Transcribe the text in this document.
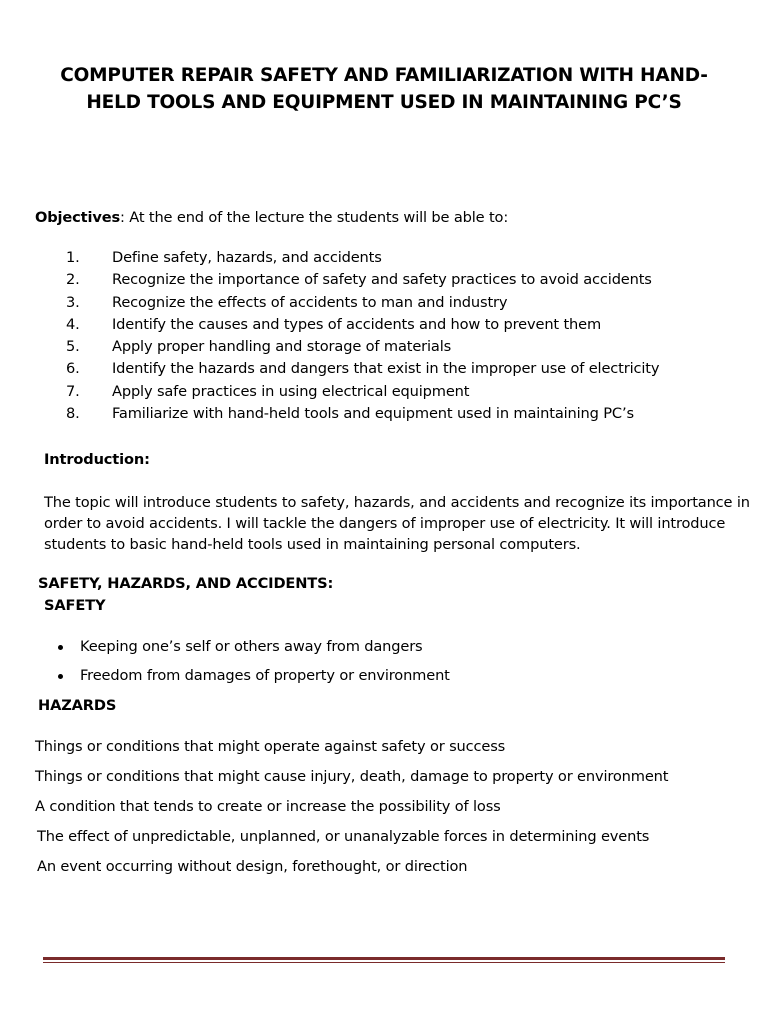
COMPUTER REPAIR SAFETY AND FAMILIARIZATION WITH HAND-
HELD TOOLS AND EQUIPMENT USED IN MAINTAINING PC’S
Objectives: At the end of the lecture the students will be able to:
1.	Define safety, hazards, and accidents
2.	Recognize the importance of safety and safety practices to avoid accidents
3.	Recognize the effects of accidents to man and industry
4.	Identify the causes and types of accidents and how to prevent them
5.	Apply proper handling and storage of materials
6.	Identify the hazards and dangers that exist in the improper use of electricity
7.	Apply safe practices in using electrical equipment
8.	Familiarize with hand-held tools and equipment used in maintaining PC’s
Introduction:
The topic will introduce students to safety, hazards, and accidents and recognize its importance in
order to avoid accidents. I will tackle the dangers of improper use of electricity. It will introduce
students to basic hand-held tools used in maintaining personal computers.
SAFETY, HAZARDS, AND ACCIDENTS:
SAFETY
Keeping one’s self or others away from dangers
Freedom from damages of property or environment
HAZARDS
Things or conditions that might operate against safety or success
Things or conditions that might cause injury, death, damage to property or environment
A condition that tends to create or increase the possibility of loss
The effect of unpredictable, unplanned, or unanalyzable forces in determining events
An event occurring without design, forethought, or direction
